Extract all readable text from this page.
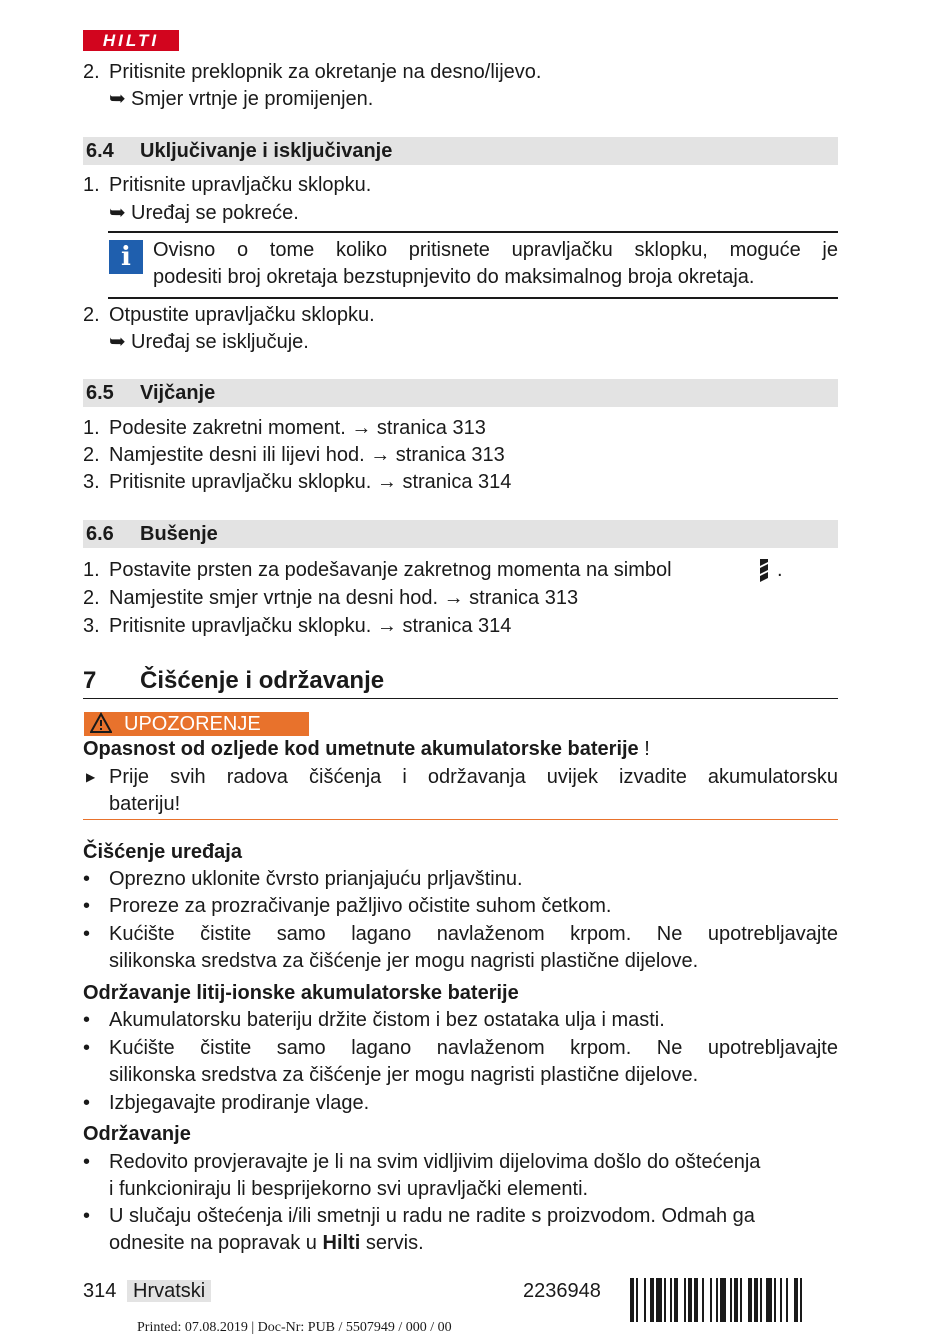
HILTI
2. Pritisnite preklopnik za okretanje na desno/lijevo.
➥ Smjer vrtnje je promijenjen.
6.4 Uključivanje i isključivanje
1. Pritisnite upravljačku sklopku.
➥ Uređaj se pokreće.
i	Ovisno o tome koliko pritisnete upravljačku sklopku, moguće je
podesiti broj okretaja bezstupnjevito do maksimalnog broja okretaja.
2. Otpustite upravljačku sklopku.
➥ Uređaj se isključuje.
6.5 Vijčanje
1. Podesite zakretni moment. → stranica 313
2. Namjestite desni ili lijevi hod. → stranica 313
3. Pritisnite upravljačku sklopku. → stranica 314
6.6 Bušenje
1. Postavite prsten za podešavanje zakretnog momenta na simbol	.
2. Namjestite smjer vrtnje na desni hod. → stranica 313
3. Pritisnite upravljačku sklopku. → stranica 314
7 Čišćenje i održavanje
UPOZORENJE
Opasnost od ozljede kod umetnute akumulatorske baterije !
▶ Prije svih radova čišćenja i održavanja uvijek izvadite akumulatorsku
bateriju!
Čišćenje uređaja
• Oprezno uklonite čvrsto prianjajuću prljavštinu.
• Proreze za prozračivanje pažljivo očistite suhom četkom.
• Kućište čistite samo lagano navlaženom krpom. Ne upotrebljavajte
silikonska sredstva za čišćenje jer mogu nagristi plastične dijelove.
Održavanje litij-ionske akumulatorske baterije
• Akumulatorsku bateriju držite čistom i bez ostataka ulja i masti.
• Kućište čistite samo lagano navlaženom krpom. Ne upotrebljavajte
silikonska sredstva za čišćenje jer mogu nagristi plastične dijelove.
• Izbjegavajte prodiranje vlage.
Održavanje
• Redovito provjeravajte je li na svim vidljivim dijelovima došlo do oštećenja
i funkcioniraju li besprijekorno svi upravljački elementi.
• U slučaju oštećenja i/ili smetnji u radu ne radite s proizvodom. Odmah ga
odnesite na popravak u Hilti servis.
314 Hrvatski	2236948
Printed: 07.08.2019 | Doc-Nr: PUB / 5507949 / 000 / 00
